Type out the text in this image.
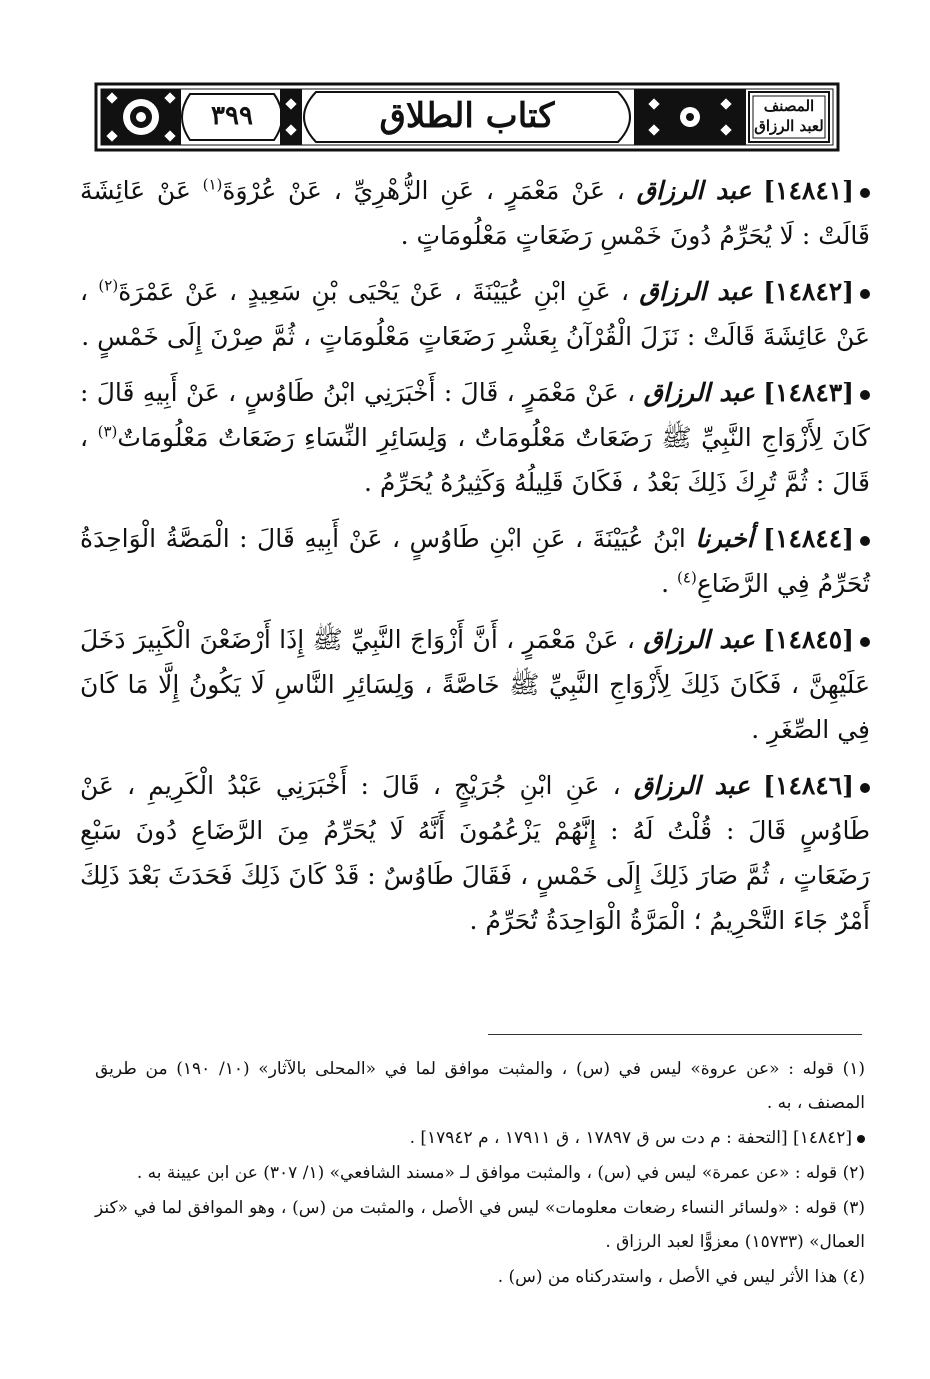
٣٩٩	كتاب الطلاق	المصنف لعبد الرزاق

[١٤٨٤١] عبد الرزاق ، عَنْ مَعْمَرٍ ، عَنِ الزُّهْرِيِّ ، عَنْ عُرْوَةَ$^{(١)}$ عَنْ عَائِشَةَ قَالَتْ : لَا يُحَرِّمُ دُونَ خَمْسِ رَضَعَاتٍ مَعْلُومَاتٍ .

[١٤٨٤٢] عبد الرزاق ، عَنِ ابْنِ عُيَيْنَةَ ، عَنْ يَحْيَى بْنِ سَعِيدٍ ، عَنْ عَمْرَةَ$^{(٢)}$ ، عَنْ عَائِشَةَ قَالَتْ : نَزَلَ الْقُرْآنُ بِعَشْرِ رَضَعَاتٍ مَعْلُومَاتٍ ، ثُمَّ صِرْنَ إِلَى خَمْسٍ .

[١٤٨٤٣] عبد الرزاق ، عَنْ مَعْمَرٍ ، قَالَ : أَخْبَرَنِي ابْنُ طَاوُسٍ ، عَنْ أَبِيهِ قَالَ : كَانَ لِأَزْوَاجِ النَّبِيِّ ﷺ رَضَعَاتٌ مَعْلُومَاتٌ ، وَلِسَائِرِ النِّسَاءِ رَضَعَاتٌ مَعْلُومَاتٌ$^{(٣)}$ ، قَالَ : ثُمَّ تُرِكَ ذَلِكَ بَعْدُ ، فَكَانَ قَلِيلُهُ وَكَثِيرُهُ يُحَرِّمُ .

[١٤٨٤٤] أخبرنا ابْنُ عُيَيْنَةَ ، عَنِ ابْنِ طَاوُسٍ ، عَنْ أَبِيهِ قَالَ : الْمَصَّةُ الْوَاحِدَةُ تُحَرِّمُ فِي الرَّضَاعِ$^{(٤)}$ .

[١٤٨٤٥] عبد الرزاق ، عَنْ مَعْمَرٍ ، أَنَّ أَزْوَاجَ النَّبِيِّ ﷺ إِذَا أَرْضَعْنَ الْكَبِيرَ دَخَلَ عَلَيْهِنَّ ، فَكَانَ ذَلِكَ لِأَزْوَاجِ النَّبِيِّ ﷺ خَاصَّةً ، وَلِسَائِرِ النَّاسِ لَا يَكُونُ إِلَّا مَا كَانَ فِي الصِّغَرِ .

[١٤٨٤٦] عبد الرزاق ، عَنِ ابْنِ جُرَيْجٍ ، قَالَ : أَخْبَرَنِي عَبْدُ الْكَرِيمِ ، عَنْ طَاوُسٍ قَالَ : قُلْتُ لَهُ : إِنَّهُمْ يَزْعُمُونَ أَنَّهُ لَا يُحَرِّمُ مِنَ الرَّضَاعِ دُونَ سَبْعِ رَضَعَاتٍ ، ثُمَّ صَارَ ذَلِكَ إِلَى خَمْسٍ ، فَقَالَ طَاوُسٌ : قَدْ كَانَ ذَلِكَ فَحَدَثَ بَعْدَ ذَلِكَ أَمْرٌ جَاءَ التَّحْرِيمُ ؛ الْمَرَّةُ الْوَاحِدَةُ تُحَرِّمُ .

(١) قوله : «عن عروة» ليس في (س) ، والمثبت موافق لما في «المحلى بالآثار» (١٠/ ١٩٠) من طريق المصنف ، به .

[١٤٨٤٢] [التحفة : م دت س ق ١٧٨٩٧ ، ق ١٧٩١١ ، م ١٧٩٤٢] .

(٢) قوله : «عن عمرة» ليس في (س) ، والمثبت موافق لـ «مسند الشافعي» (١/ ٣٠٧) عن ابن عيينة به .

(٣) قوله : «ولسائر النساء رضعات معلومات» ليس في الأصل ، والمثبت من (س) ، وهو الموافق لما في «كنز العمال» (١٥٧٣٣) معزوًّا لعبد الرزاق .

(٤) هذا الأثر ليس في الأصل ، واستدركناه من (س) .
